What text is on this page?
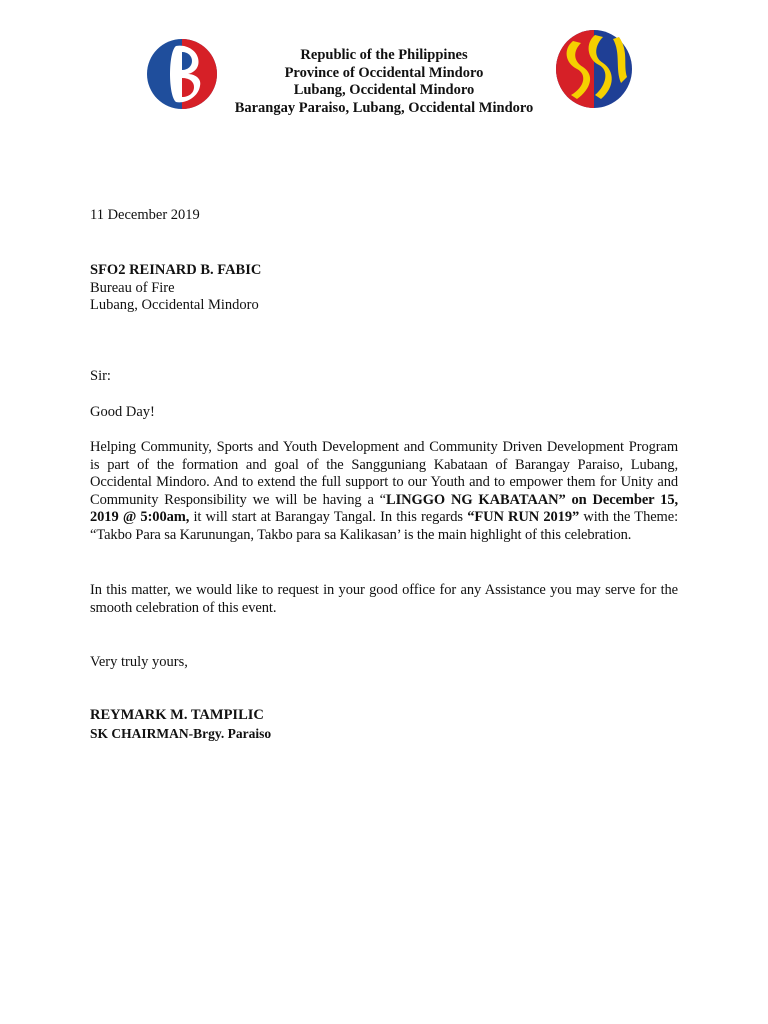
Republic of the Philippines
Province of Occidental Mindoro
Lubang, Occidental Mindoro
Barangay Paraiso, Lubang, Occidental Mindoro
11 December 2019
SFO2 REINARD B. FABIC
Bureau of Fire
Lubang, Occidental Mindoro
Sir:
Good Day!
Helping Community, Sports and Youth Development and Community Driven Development Program is part of the formation and goal of the Sangguniang Kabataan of Barangay Paraiso, Lubang, Occidental Mindoro. And to extend the full support to our Youth and to empower them for Unity and Community Responsibility we will be having a “LINGGO NG KABATAAN” on December 15, 2019 @ 5:00am, it will start at Barangay Tangal. In this regards “FUN RUN 2019” with the Theme: “Takbo Para sa Karunungan, Takbo para sa Kalikasan’ is the main highlight of this celebration.
In this matter, we would like to request in your good office for any Assistance you may serve for the smooth celebration of this event.
Very truly yours,
REYMARK M. TAMPILIC
SK CHAIRMAN-Brgy. Paraiso
